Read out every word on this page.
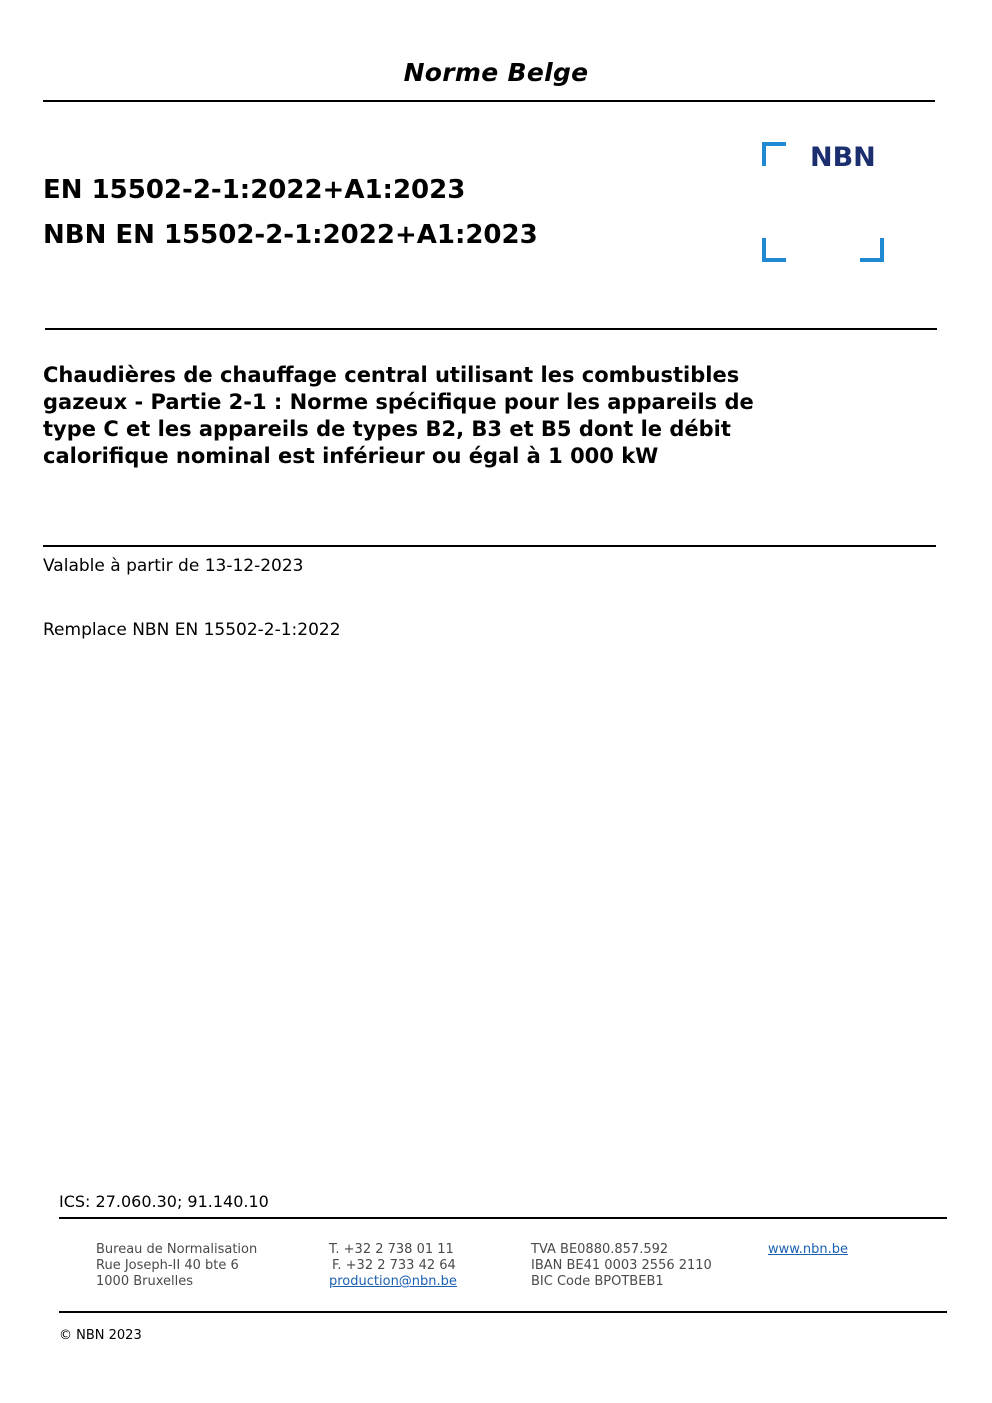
Norme Belge
EN 15502-2-1:2022+A1:2023
NBN EN 15502-2-1:2022+A1:2023
NBN
Chaudières de chauffage central utilisant les combustibles
gazeux - Partie 2-1 : Norme spécifique pour les appareils de
type C et les appareils de types B2, B3 et B5 dont le débit
calorifique nominal est inférieur ou égal à 1 000 kW
Valable à partir de 13-12-2023
Remplace NBN EN 15502-2-1:2022
ICS: 27.060.30; 91.140.10
Bureau de Normalisation
Rue Joseph-II 40 bte 6
1000 Bruxelles
T. +32 2 738 01 11
F. +32 2 733 42 64
production@nbn.be
TVA BE0880.857.592
IBAN BE41 0003 2556 2110
BIC Code BPOTBEB1
www.nbn.be
© NBN 2023
